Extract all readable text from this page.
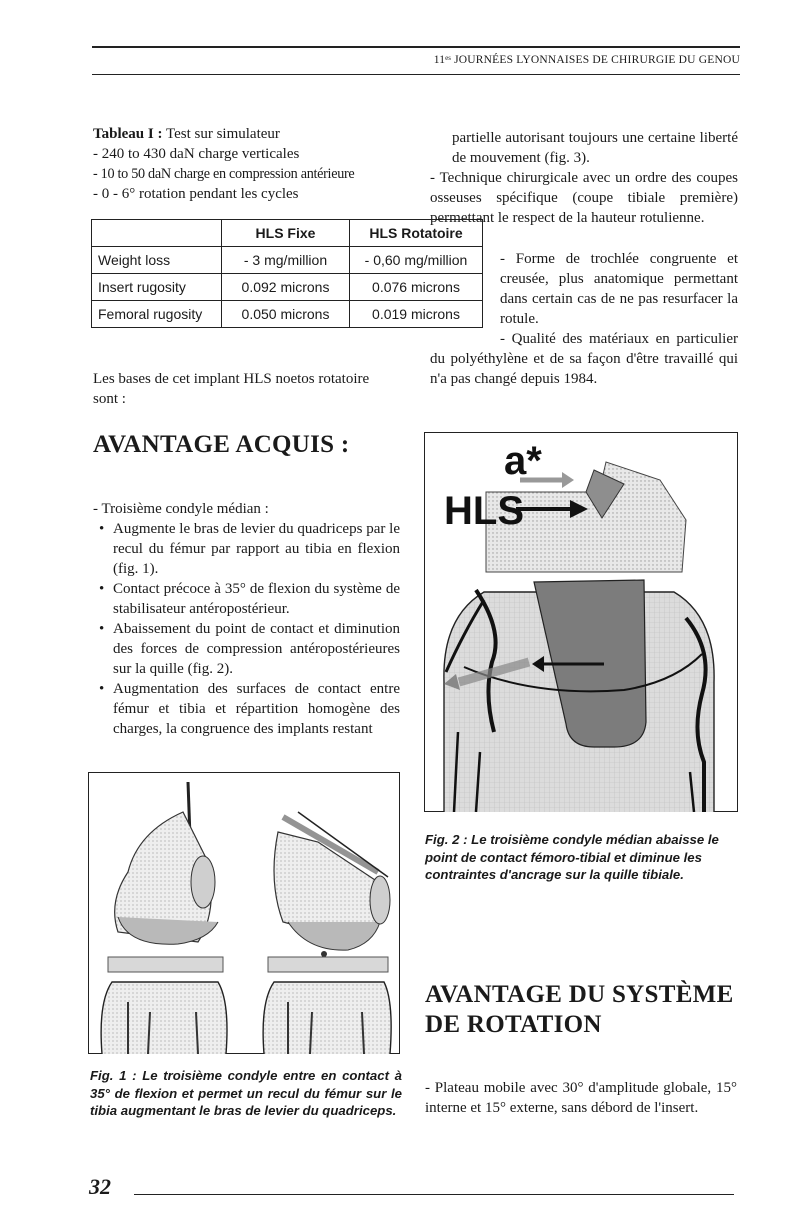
11ᵉˢ JOURNÉES LYONNAISES DE CHIRURGIE DU GENOU
Tableau I : Test sur simulateur
- 240 to 430 daN charge verticales
- 10 to 50 daN charge en compression antérieure
- 0 - 6° rotation pendant les cycles
	HLS Fixe	HLS Rotatoire
Weight loss	- 3 mg/million	- 0,60 mg/million
Insert rugosity	0.092 microns	0.076 microns
Femoral rugosity	0.050 microns	0.019 microns
partielle autorisant toujours une certaine liberté de mouvement (fig. 3).
- Technique chirurgicale avec un ordre des coupes osseuses spécifique (coupe tibiale première) permettant le respect de la hauteur rotulienne.
- Forme de trochlée congruente et creusée, plus anatomique permettant dans certain cas de ne pas resurfacer la rotule.
- Qualité des matériaux en particulier du polyéthylène et de sa façon d'être travaillé qui n'a pas changé depuis 1984.
Les bases de cet implant HLS noetos rotatoire sont :
AVANTAGE ACQUIS :
- Troisième condyle médian :
• Augmente le bras de levier du quadriceps par le recul du fémur par rapport au tibia en flexion (fig. 1).
• Contact précoce à 35° de flexion du système de stabilisateur antéropostérieur.
• Abaissement du point de contact et diminution des forces de compression antéropostérieures sur la quille (fig. 2).
• Augmentation des surfaces de contact entre fémur et tibia et répartition homogène des charges, la congruence des implants restant
a*
HLS
Fig. 2 : Le troisième condyle médian abaisse le point de contact fémoro-tibial et diminue les contraintes d'ancrage sur la quille tibiale.
Fig. 1 : Le troisième condyle entre en contact à 35° de flexion et permet un recul du fémur sur le tibia augmentant le bras de levier du quadriceps.
AVANTAGE DU SYSTÈME
DE ROTATION
- Plateau mobile avec 30° d'amplitude globale, 15° interne et 15° externe, sans débord de l'insert.
32
